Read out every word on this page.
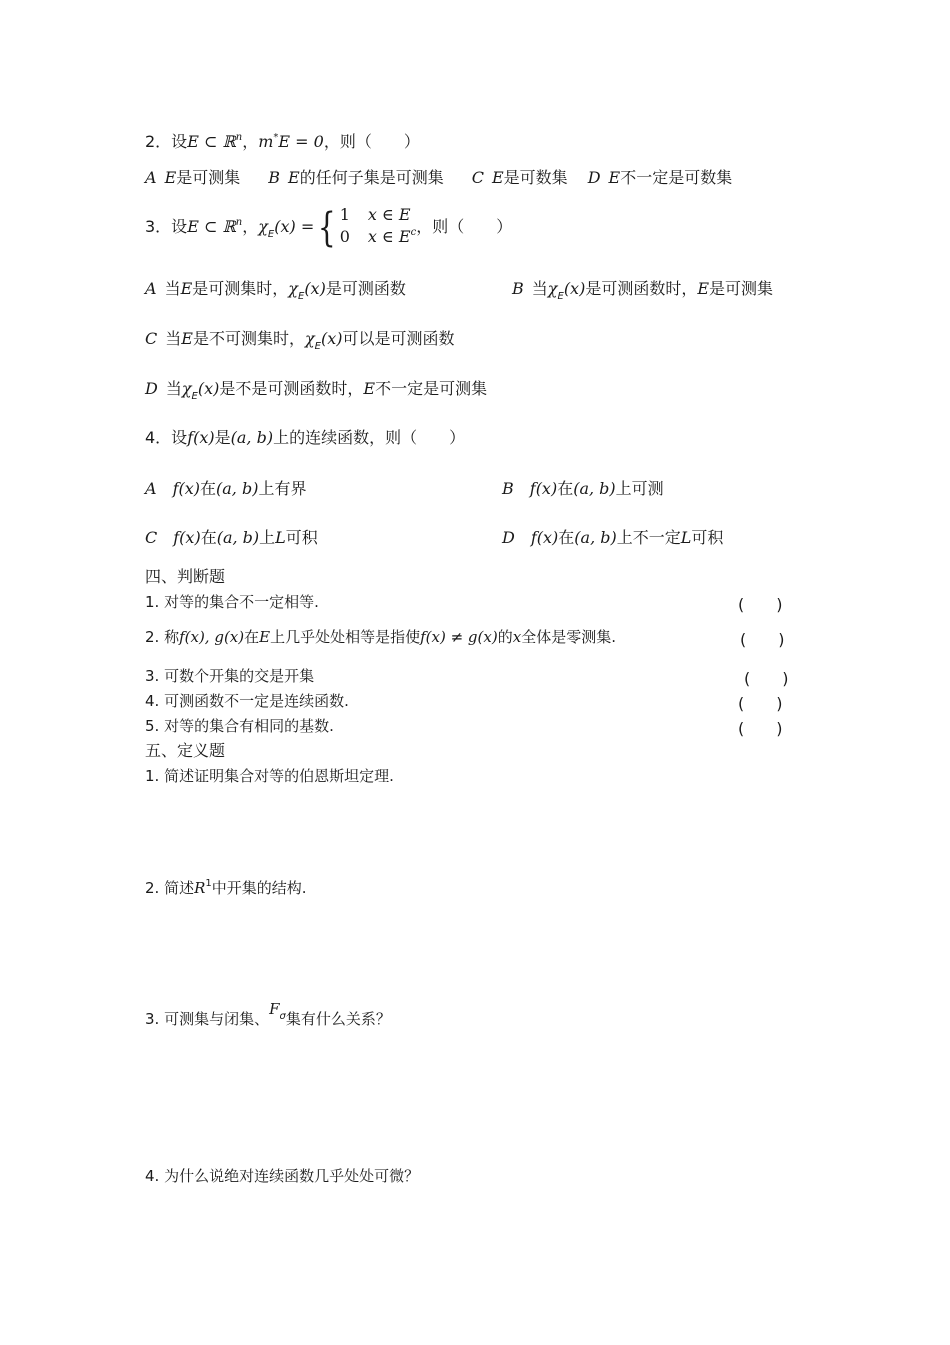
2．设E ⊂ ℝ$^n$，m*E = 0，则（　　）
A E是可测集 B E的任何子集是可测集 C E是可数集 D E不一定是可数集
3．设E ⊂ ℝ$^n$，$\chi_E(x)$ ={ 1 x ∈ E
0 x ∈ $E^c$，则（　　）
A 当E是可测集时，$\chi_E(x)$是可测函数	B 当$\chi_E(x)$是可测函数时，E是可测集
C 当E是不可测集时，$\chi_E(x)$可以是可测函数
D 当$\chi_E(x)$是不是可测函数时，E不一定是可测集
4．设f(x)是(a, b)上的连续函数，则（　　）
A f(x)在(a, b)上有界	B f(x)在(a, b)上可测
C f(x)在(a, b)上L可积	D f(x)在(a, b)上不一定L可积
四、判断题
1. 对等的集合不一定相等.	(　　)
2. 称f(x), g(x)在E上几乎处处相等是指使f(x) ≠ g(x)的x全体是零测集.	(　　)
3. 可数个开集的交是开集	(　　)
4. 可测函数不一定是连续函数.	(　　)
5. 对等的集合有相同的基数.	(　　)
五、定义题
1. 简述证明集合对等的伯恩斯坦定理.
2. 简述$R^1$中开集的结构.
3. 可测集与闭集、$F_\sigma$集有什么关系？
4. 为什么说绝对连续函数几乎处处可微？
